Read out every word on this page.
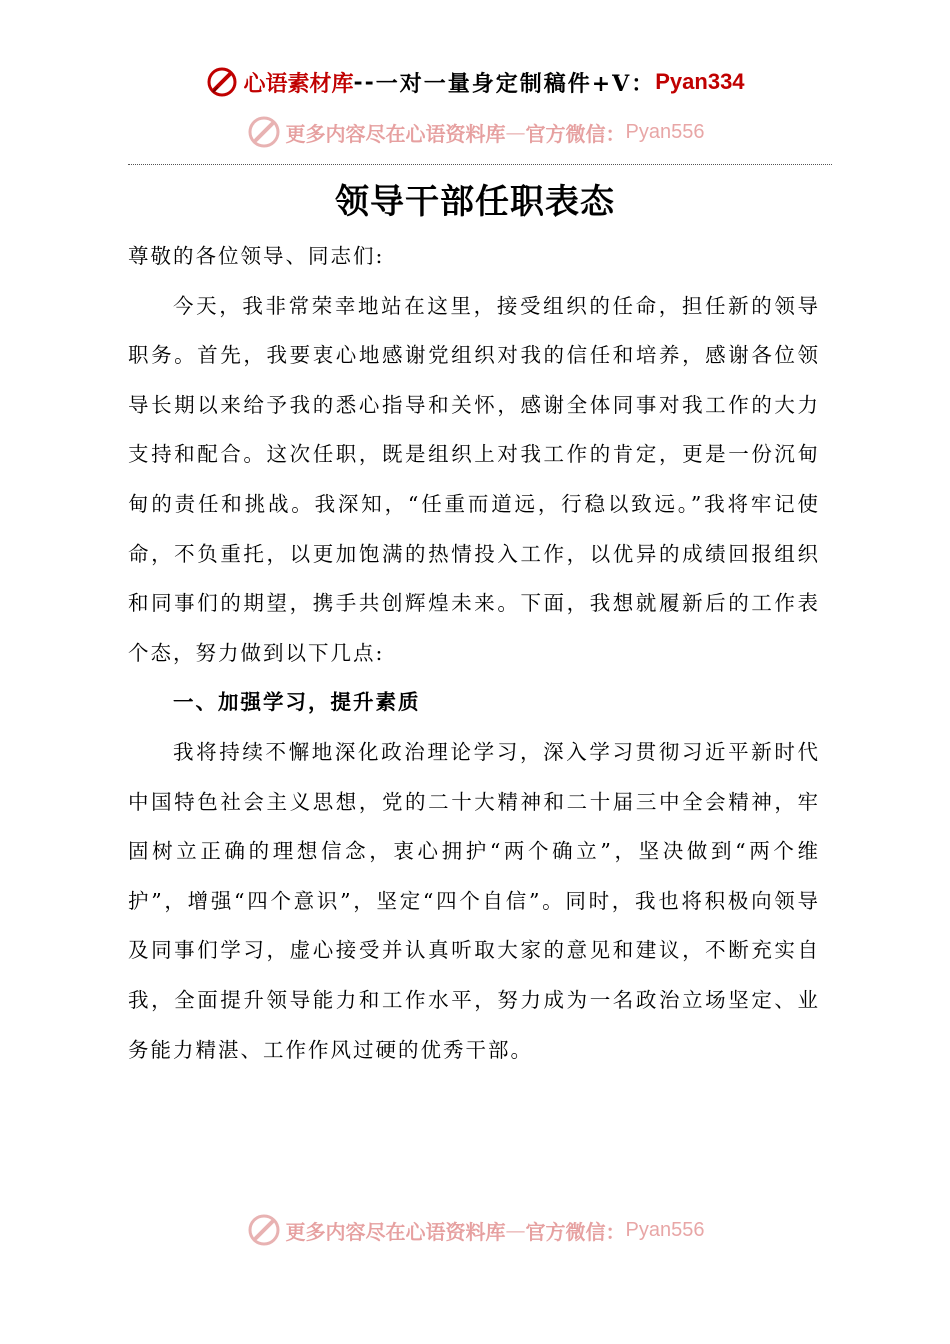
心语素材库 -- 一对一量身定制稿件+V： Pyan334
更多内容尽在心语资料库 — 官方微信： Pyan556
领导干部任职表态

尊敬的各位领导、同志们:

今天，我非常荣幸地站在这里，接受组织的任命，担任新的领导职务。首先，我要衷心地感谢党组织对我的信任和培养，感谢各位领导长期以来给予我的悉心指导和关怀，感谢全体同事对我工作的大力支持和配合。这次任职，既是组织上对我工作的肯定，更是一份沉甸甸的责任和挑战。我深知，“任重而道远，行稳以致远。”我将牢记使命，不负重托，以更加饱满的热情投入工作，以优异的成绩回报组织和同事们的期望，携手共创辉煌未来。下面，我想就履新后的工作表个态，努力做到以下几点:

一、加强学习，提升素质

我将持续不懈地深化政治理论学习，深入学习贯彻习近平新时代中国特色社会主义思想，党的二十大精神和二十届三中全会精神，牢固树立正确的理想信念，衷心拥护“两个确立”，坚决做到“两个维护”，增强“四个意识”，坚定“四个自信”。同时，我也将积极向领导及同事们学习，虚心接受并认真听取大家的意见和建议，不断充实自我，全面提升领导能力和工作水平，努力成为一名政治立场坚定、业务能力精湛、工作作风过硬的优秀干部。

更多内容尽在心语资料库 — 官方微信： Pyan556
